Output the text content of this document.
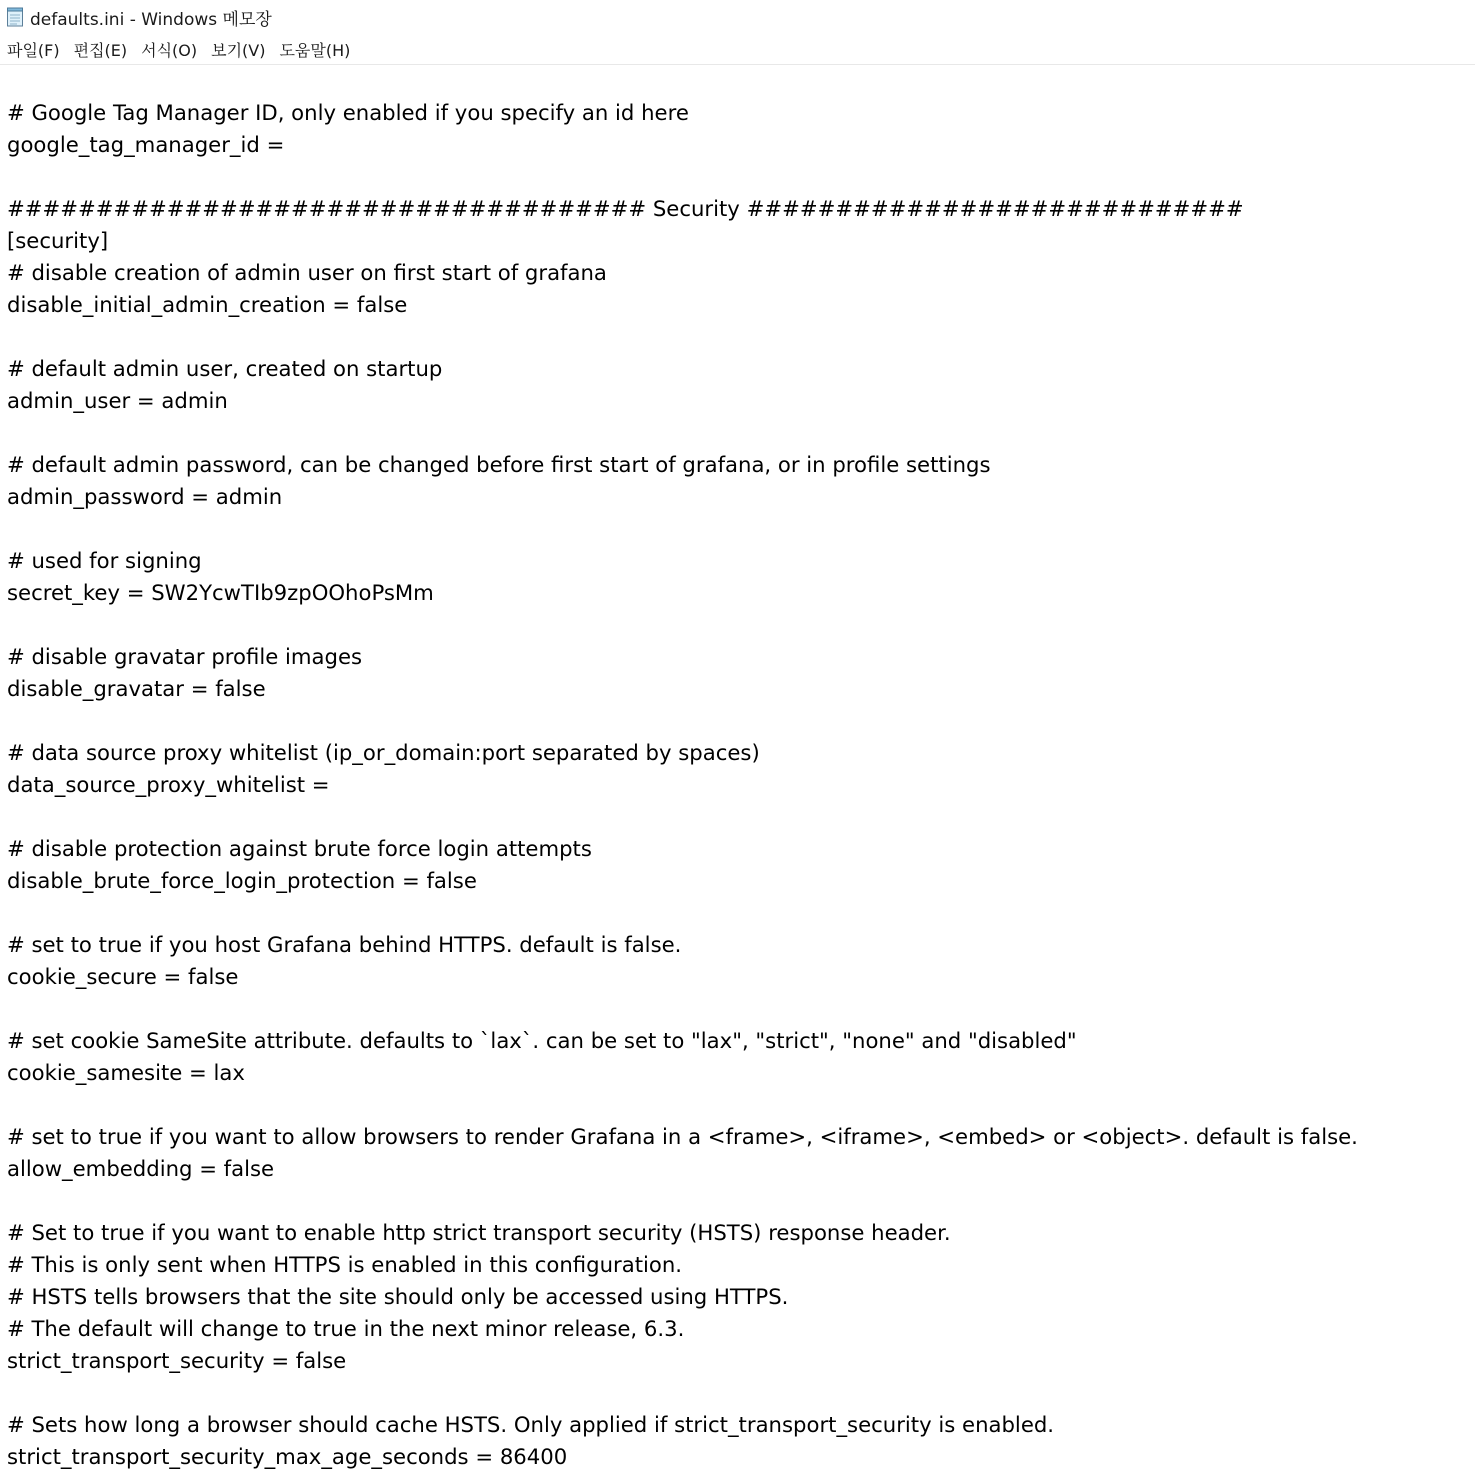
defaults.ini - Windows 메모장
파일(F) 편집(E) 서식(O) 보기(V) 도움말(H)
# Google Tag Manager ID, only enabled if you specify an id here
google_tag_manager_id =
#################################### Security ############################
[security]
# disable creation of admin user on first start of grafana
disable_initial_admin_creation = false
# default admin user, created on startup
admin_user = admin
# default admin password, can be changed before first start of grafana, or in profile settings
admin_password = admin
# used for signing
secret_key = SW2YcwTIb9zpOOhoPsMm
# disable gravatar profile images
disable_gravatar = false
# data source proxy whitelist (ip_or_domain:port separated by spaces)
data_source_proxy_whitelist =
# disable protection against brute force login attempts
disable_brute_force_login_protection = false
# set to true if you host Grafana behind HTTPS. default is false.
cookie_secure = false
# set cookie SameSite attribute. defaults to `lax`. can be set to "lax", "strict", "none" and "disabled"
cookie_samesite = lax
# set to true if you want to allow browsers to render Grafana in a <frame>, <iframe>, <embed> or <object>. default is false.
allow_embedding = false
# Set to true if you want to enable http strict transport security (HSTS) response header.
# This is only sent when HTTPS is enabled in this configuration.
# HSTS tells browsers that the site should only be accessed using HTTPS.
# The default will change to true in the next minor release, 6.3.
strict_transport_security = false
# Sets how long a browser should cache HSTS. Only applied if strict_transport_security is enabled.
strict_transport_security_max_age_seconds = 86400
